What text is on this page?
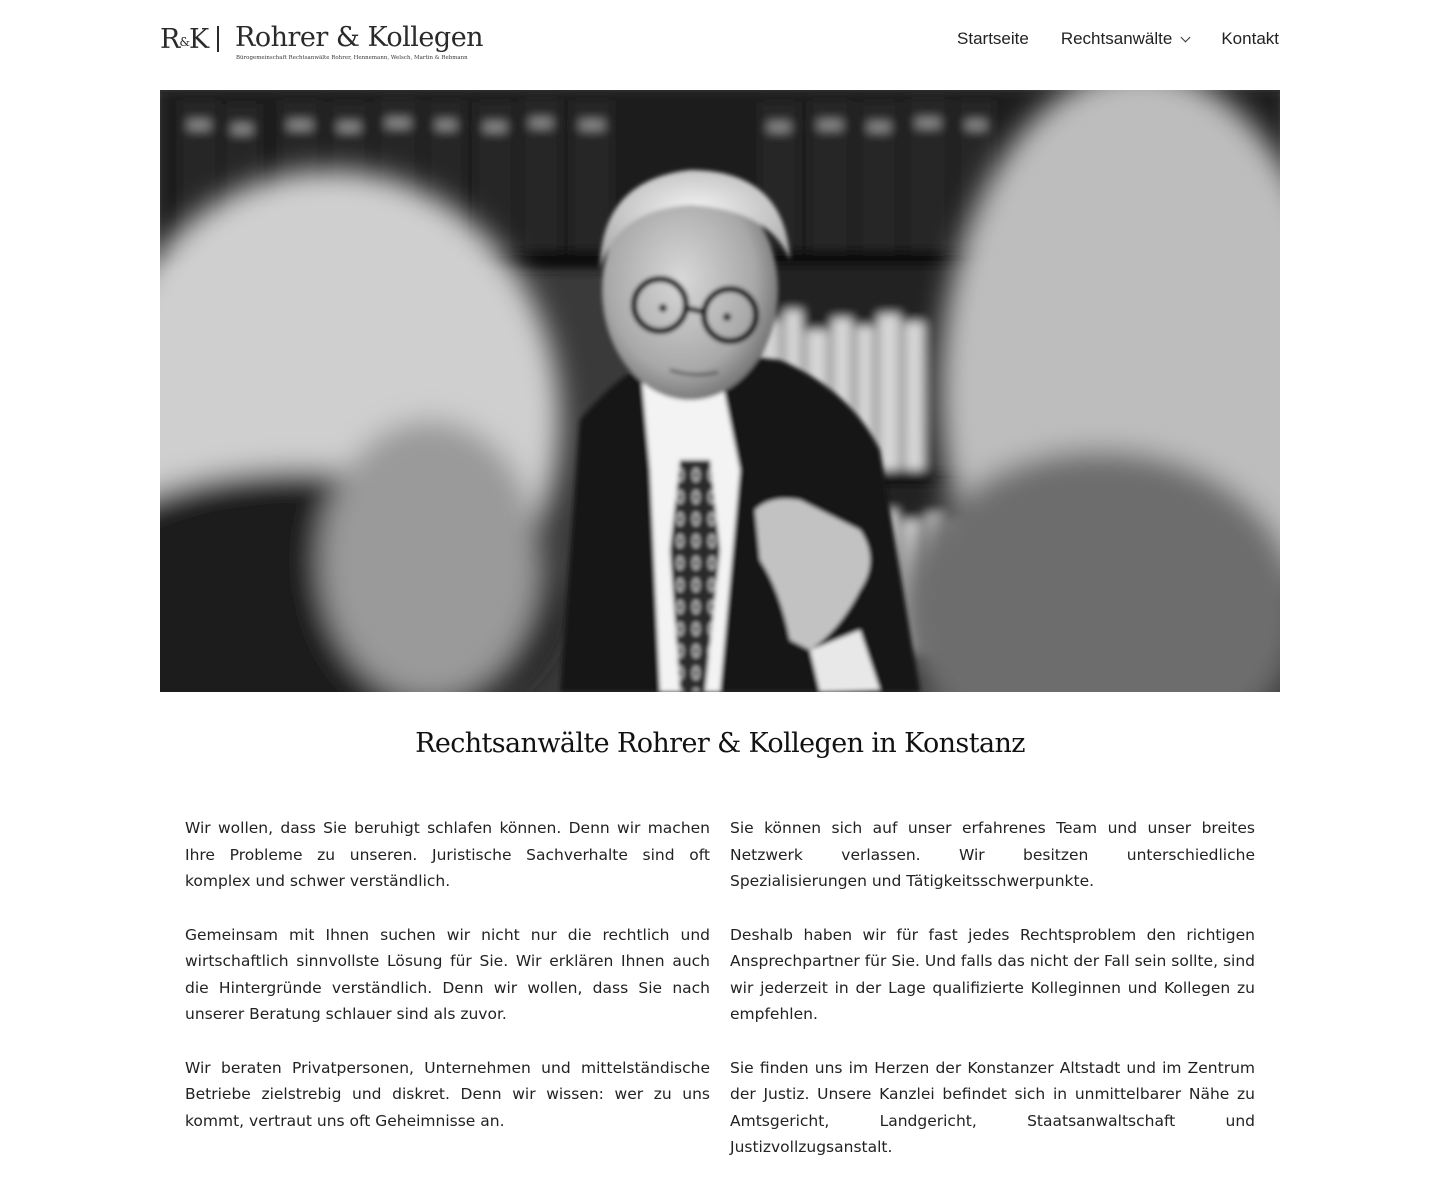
R&K Rohrer & Kollegen
Bürogemeinschaft Rechtsanwälte Rohrer, Hennemann, Welsch, Martin & Rebmann
Startseite Rechtsanwälte	Kontakt
Rechtsanwälte Rohrer & Kollegen in Konstanz

Wir wollen, dass Sie beruhigt schlafen können. Denn wir machen Ihre Probleme zu unseren. Juristische Sachverhalte sind oft komplex und schwer verständlich.

Gemeinsam mit Ihnen suchen wir nicht nur die rechtlich und wirtschaftlich sinnvollste Lösung für Sie. Wir erklären Ihnen auch die Hintergründe verständlich. Denn wir wollen, dass Sie nach unserer Beratung schlauer sind als zuvor.

Wir beraten Privatpersonen, Unternehmen und mittelständische Betriebe zielstrebig und diskret. Denn wir wissen: wer zu uns kommt, vertraut uns oft Geheimnisse an.

Sie können sich auf unser erfahrenes Team und unser breites Netzwerk verlassen. Wir besitzen unterschiedliche Spezialisierungen und Tätigkeitsschwerpunkte.

Deshalb haben wir für fast jedes Rechtsproblem den richtigen Ansprechpartner für Sie. Und falls das nicht der Fall sein sollte, sind wir jederzeit in der Lage qualifizierte Kolleginnen und Kollegen zu empfehlen.

Sie finden uns im Herzen der Konstanzer Altstadt und im Zentrum der Justiz. Unsere Kanzlei befindet sich in unmittelbarer Nähe zu Amtsgericht, Landgericht, Staatsanwaltschaft und Justizvollzugsanstalt.
